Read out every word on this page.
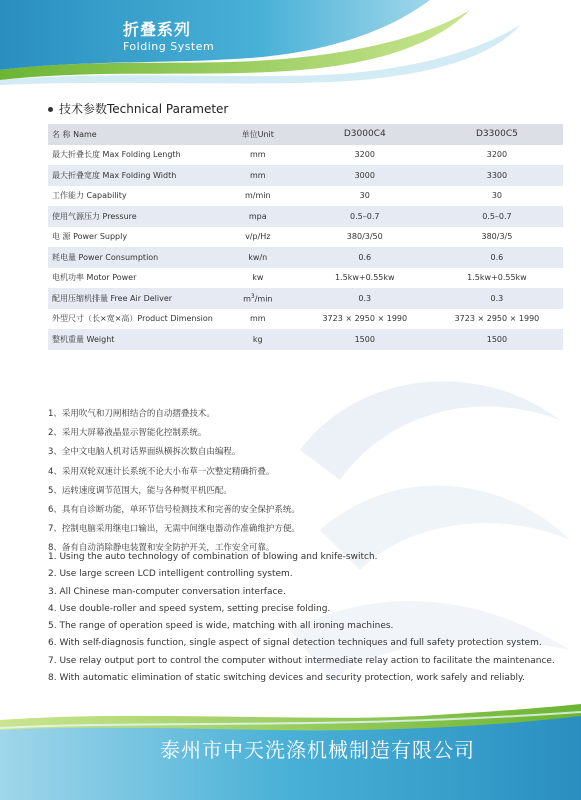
折叠系列
Folding System
技术参数Technical Parameter
名 称 Name	单位Unit	D3000C4	D3300C5
最大折叠长度 Max Folding Length	mm	3200	3200
最大折叠宽度 Max Folding Width	mm	3000	3300
工作能力 Capability	m/min	30	30
使用气源压力 Pressure	mpa	0.5–0.7	0.5–0.7
电 源 Power Supply	v/p/Hz	380/3/50	380/3/5
耗电量 Power Consumption	kw/n	0.6	0.6
电机功率 Motor Power	kw	1.5kw+0.55kw	1.5kw+0.55kw
配用压缩机排量 Free Air Deliver	$m^3/\min$	0.3	0.3
外型尺寸（长×宽×高）Product Dimension	mm	3723 × 2950 × 1990	3723 × 2950 × 1990
整机重量 Weight	kg	1500	1500
1、采用吹气和刀闸相结合的自动摺叠技术。
2、采用大屏幕液晶显示智能化控制系统。
3、全中文电脑人机对话界面纵横拆次数自由编程。
4、采用双轮双速计长系统不论大小布草一次整定精确折叠。
5、运转速度调节范围大，能与各种熨平机匹配。
6、具有自诊断功能，单环节信号检测技术和完善的安全保护系统。
7、控制电脑采用继电口输出，无需中间继电器动作准确维护方便。
8、备有自动消除静电装置和安全防护开关，工作安全可靠。
1. Using the auto technology of combination of blowing and knife-switch.
2. Use large screen LCD intelligent controlling system.
3. All Chinese man-computer conversation interface.
4. Use double-roller and speed system, setting precise folding.
5. The range of operation speed is wide, matching with all ironing machines.
6. With self-diagnosis function, single aspect of signal detection techniques and full safety protection system.
7. Use relay output port to control the computer without intermediate relay action to facilitate the maintenance.
8. With automatic elimination of static switching devices and security protection, work safely and reliably.
泰州市中天洗涤机械制造有限公司
